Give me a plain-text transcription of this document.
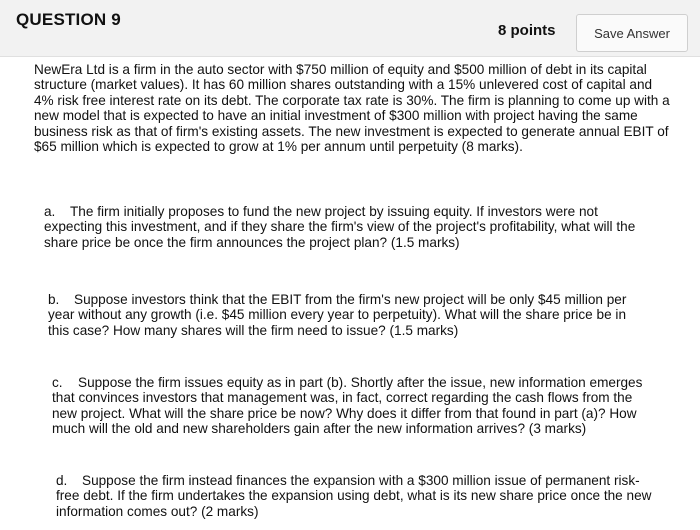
QUESTION 9
8 points	Save Answer

NewEra Ltd is a firm in the auto sector with $750 million of equity and $500 million of debt in its capital structure (market values). It has 60 million shares outstanding with a 15% unlevered cost of capital and 4% risk free interest rate on its debt. The corporate tax rate is 30%. The firm is planning to come up with a new model that is expected to have an initial investment of $300 million with project having the same business risk as that of firm's existing assets. The new investment is expected to generate annual EBIT of $65 million which is expected to grow at 1% per annum until perpetuity (8 marks).

a. The firm initially proposes to fund the new project by issuing equity. If investors were not expecting this investment, and if they share the firm's view of the project's profitability, what will the share price be once the firm announces the project plan? (1.5 marks)

b. Suppose investors think that the EBIT from the firm's new project will be only $45 million per year without any growth (i.e. $45 million every year to perpetuity). What will the share price be in this case? How many shares will the firm need to issue? (1.5 marks)

c. Suppose the firm issues equity as in part (b). Shortly after the issue, new information emerges that convinces investors that management was, in fact, correct regarding the cash flows from the new project. What will the share price be now? Why does it differ from that found in part (a)? How much will the old and new shareholders gain after the new information arrives? (3 marks)

d. Suppose the firm instead finances the expansion with a $300 million issue of permanent risk-free debt. If the firm undertakes the expansion using debt, what is its new share price once the new information comes out? (2 marks)
